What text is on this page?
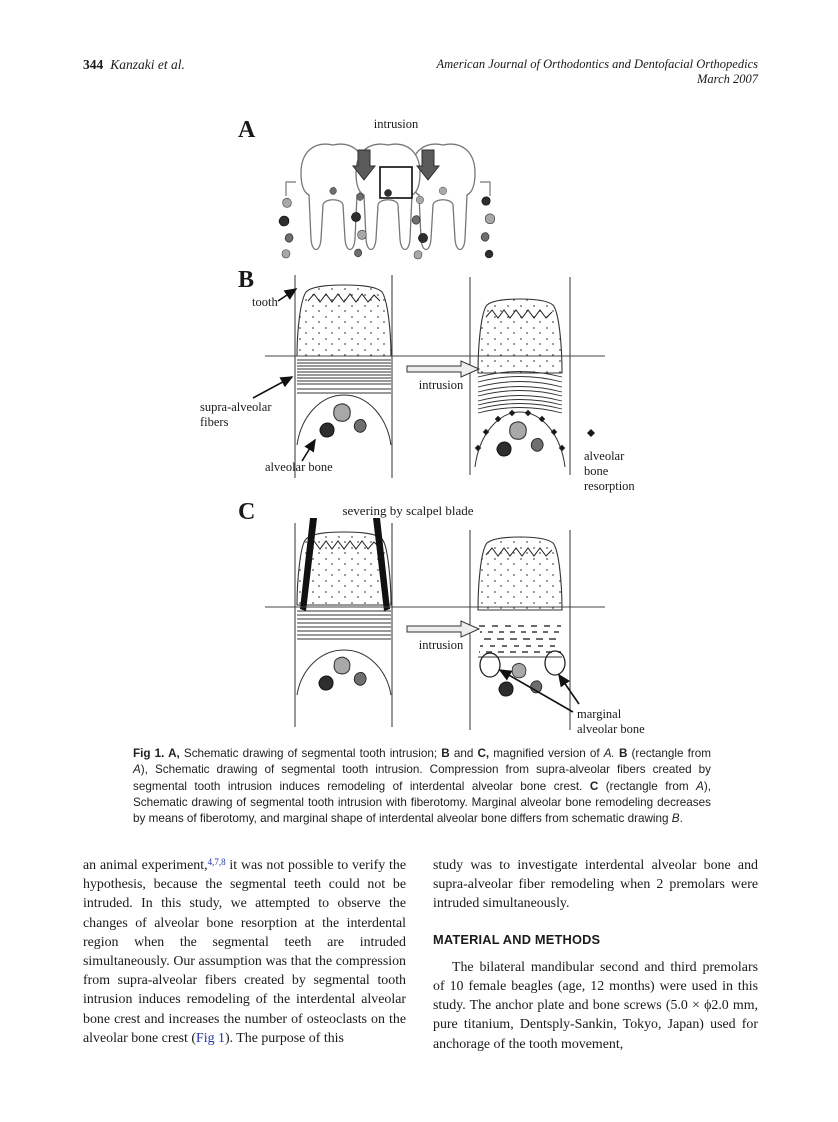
344 Kanzaki et al.	American Journal of Orthodontics and Dentofacial Orthopedics
March 2007
A	intrusion
B
intrusion
tooth
supra-alveolar
fibers
alveolar bone
alveolar
bone
resorption
C	severing by scalpel blade
intrusion
marginal
alveolar bone

Fig 1. A, Schematic drawing of segmental tooth intrusion; B and C, magnified version of A. B (rectangle from A), Schematic drawing of segmental tooth intrusion. Compression from supra-alveolar fibers created by segmental tooth intrusion induces remodeling of interdental alveolar bone crest. C (rectangle from A), Schematic drawing of segmental tooth intrusion with fiberotomy. Marginal alveolar bone remodeling decreases by means of fiberotomy, and marginal shape of interdental alveolar bone differs from schematic drawing B.

an animal experiment,$^{4,7,8}$ it was not possible to verify the hypothesis, because the segmental teeth could not be intruded. In this study, we attempted to observe the changes of alveolar bone resorption at the interdental region when the segmental teeth are intruded simultaneously. Our assumption was that the compression from supra-alveolar fibers created by segmental tooth intrusion induces remodeling of the interdental alveolar bone crest and increases the number of osteoclasts on the alveolar bone crest (Fig 1). The purpose of this

study was to investigate interdental alveolar bone and supra-alveolar fiber remodeling when 2 premolars were intruded simultaneously.

MATERIAL AND METHODS

The bilateral mandibular second and third premolars of 10 female beagles (age, 12 months) were used in this study. The anchor plate and bone screws (5.0 × ϕ2.0 mm, pure titanium, Dentsply-Sankin, Tokyo, Japan) used for anchorage of the tooth movement,
